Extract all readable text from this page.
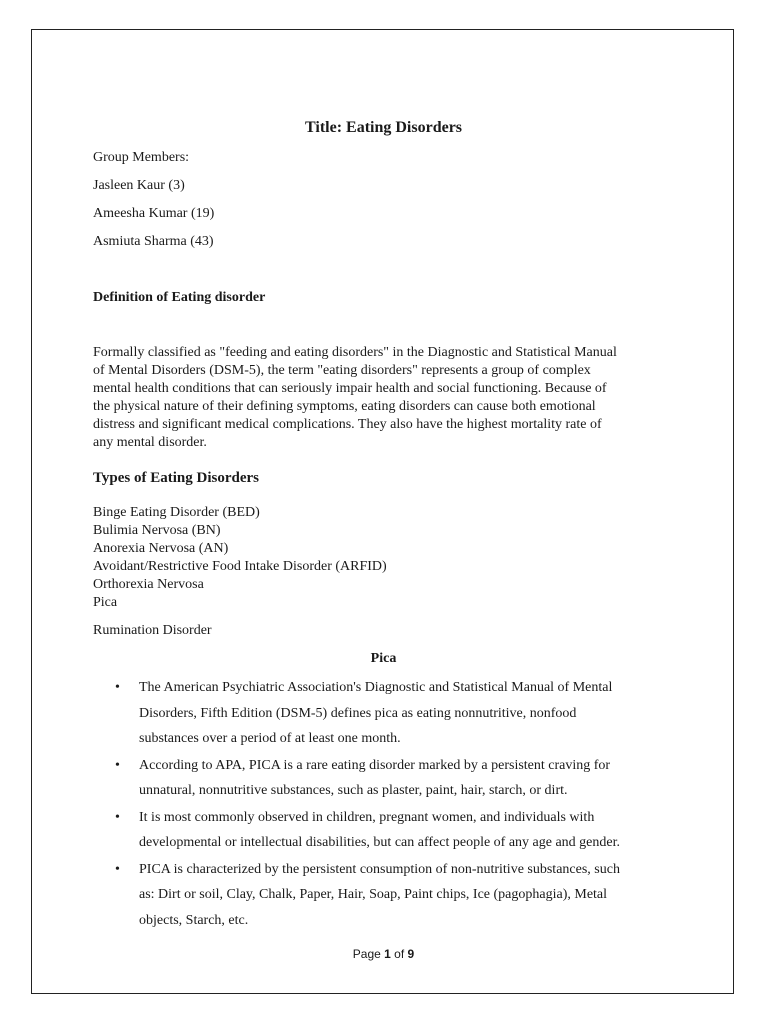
Title: Eating Disorders
Group Members:
Jasleen Kaur (3)
Ameesha Kumar (19)
Asmiuta Sharma (43)
Definition of Eating disorder
Formally classified as "feeding and eating disorders" in the Diagnostic and Statistical Manual
of Mental Disorders (DSM-5), the term "eating disorders" represents a group of complex
mental health conditions that can seriously impair health and social functioning. Because of
the physical nature of their defining symptoms, eating disorders can cause both emotional
distress and significant medical complications. They also have the highest mortality rate of
any mental disorder.
Types of Eating Disorders
Binge Eating Disorder (BED)
Bulimia Nervosa (BN)
Anorexia Nervosa (AN)
Avoidant/Restrictive Food Intake Disorder (ARFID)
Orthorexia Nervosa
Pica
Rumination Disorder
Pica
• The American Psychiatric Association's Diagnostic and Statistical Manual of Mental
Disorders, Fifth Edition (DSM-5) defines pica as eating nonnutritive, nonfood
substances over a period of at least one month.
• According to APA, PICA is a rare eating disorder marked by a persistent craving for
unnatural, nonnutritive substances, such as plaster, paint, hair, starch, or dirt.
• It is most commonly observed in children, pregnant women, and individuals with
developmental or intellectual disabilities, but can affect people of any age and gender.
• PICA is characterized by the persistent consumption of non-nutritive substances, such
as: Dirt or soil, Clay, Chalk, Paper, Hair, Soap, Paint chips, Ice (pagophagia), Metal
objects, Starch, etc.
Page 1 of 9
